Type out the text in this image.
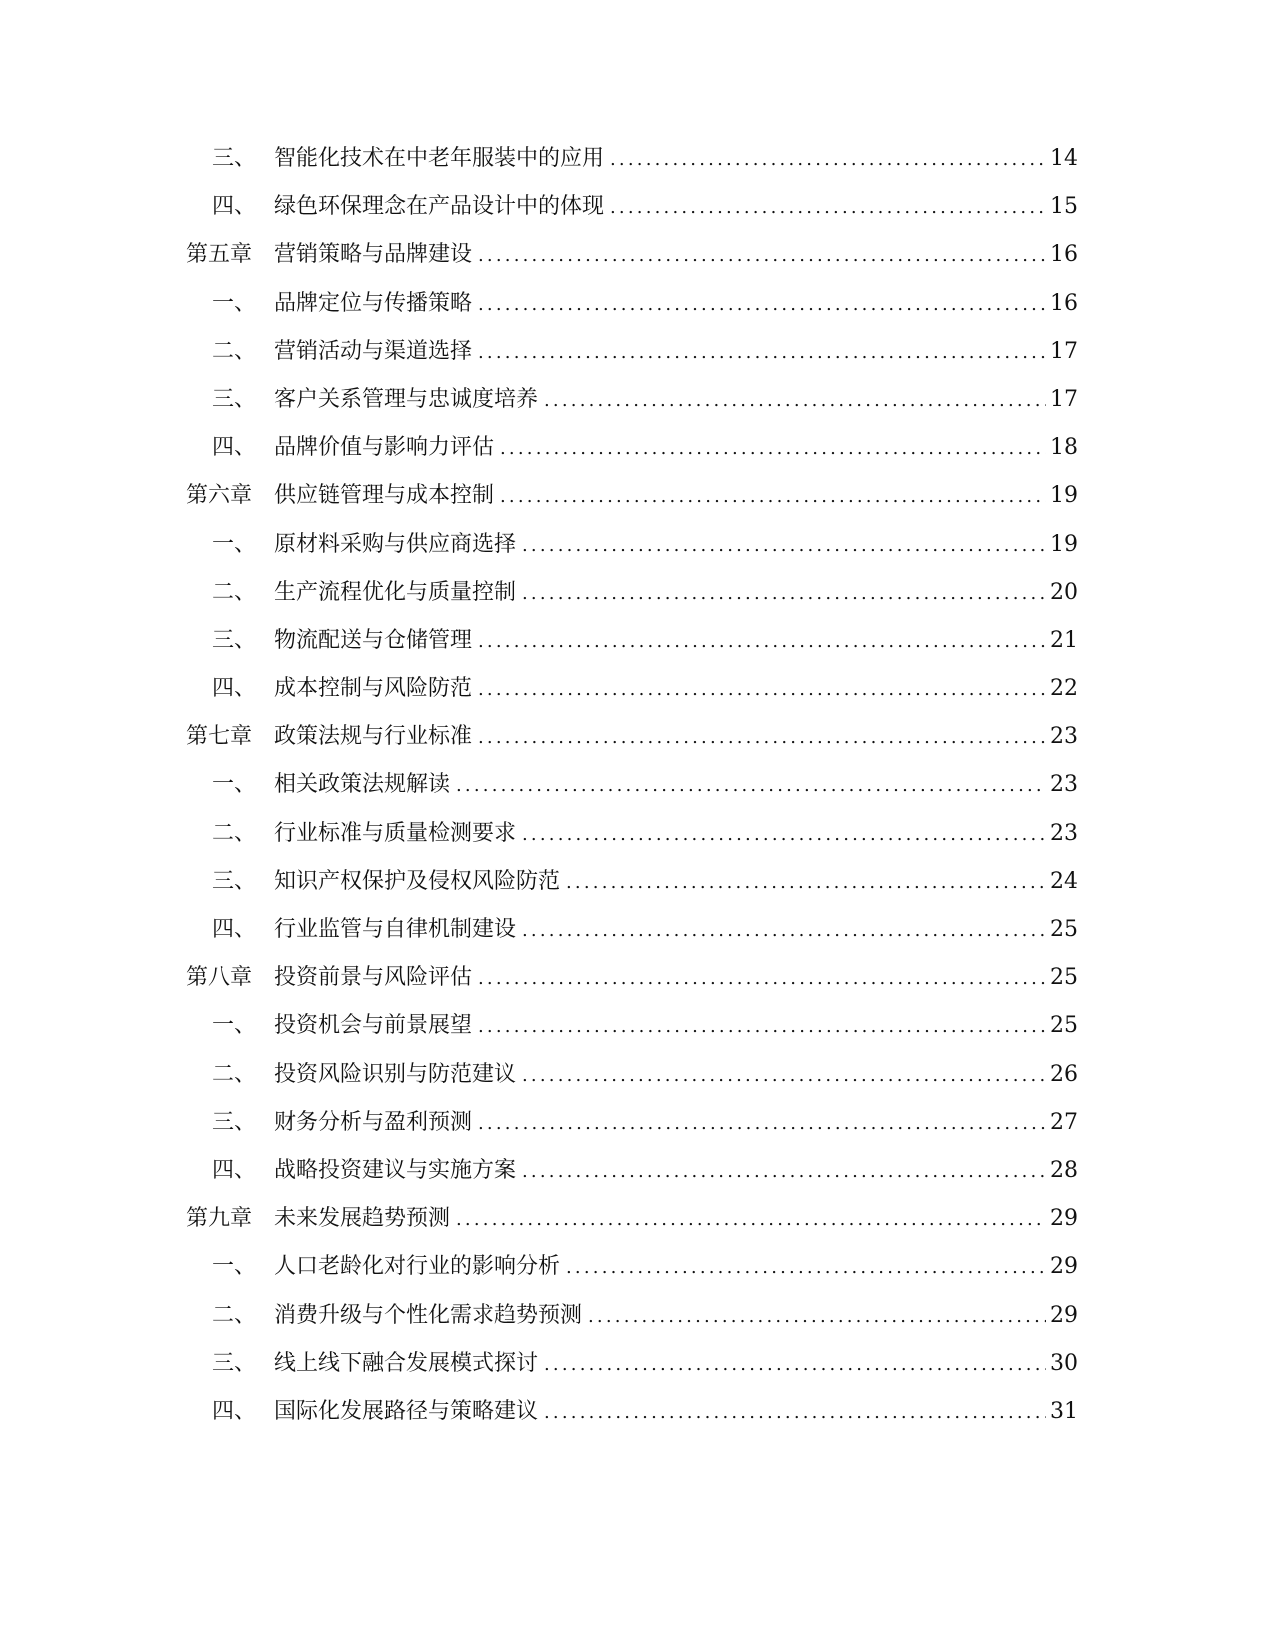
三、 智能化技术在中老年服装中的应用 .....	14
四、 绿色环保理念在产品设计中的体现 .....	15
第五章 营销策略与品牌建设 .....	16
一、 品牌定位与传播策略 .....	16
二、 营销活动与渠道选择 .....	17
三、 客户关系管理与忠诚度培养 .....	17
四、 品牌价值与影响力评估 .....	18
第六章 供应链管理与成本控制 .....	19
一、 原材料采购与供应商选择 .....	19
二、 生产流程优化与质量控制 .....	20
三、 物流配送与仓储管理 .....	21
四、 成本控制与风险防范 .....	22
第七章 政策法规与行业标准 .....	23
一、 相关政策法规解读 .....	23
二、 行业标准与质量检测要求 .....	23
三、 知识产权保护及侵权风险防范 .....	24
四、 行业监管与自律机制建设 .....	25
第八章 投资前景与风险评估 .....	25
一、 投资机会与前景展望 .....	25
二、 投资风险识别与防范建议 .....	26
三、 财务分析与盈利预测 .....	27
四、 战略投资建议与实施方案 .....	28
第九章 未来发展趋势预测 .....	29
一、 人口老龄化对行业的影响分析 .....	29
二、 消费升级与个性化需求趋势预测 .....	29
三、 线上线下融合发展模式探讨 .....	30
四、 国际化发展路径与策略建议 .....	31
